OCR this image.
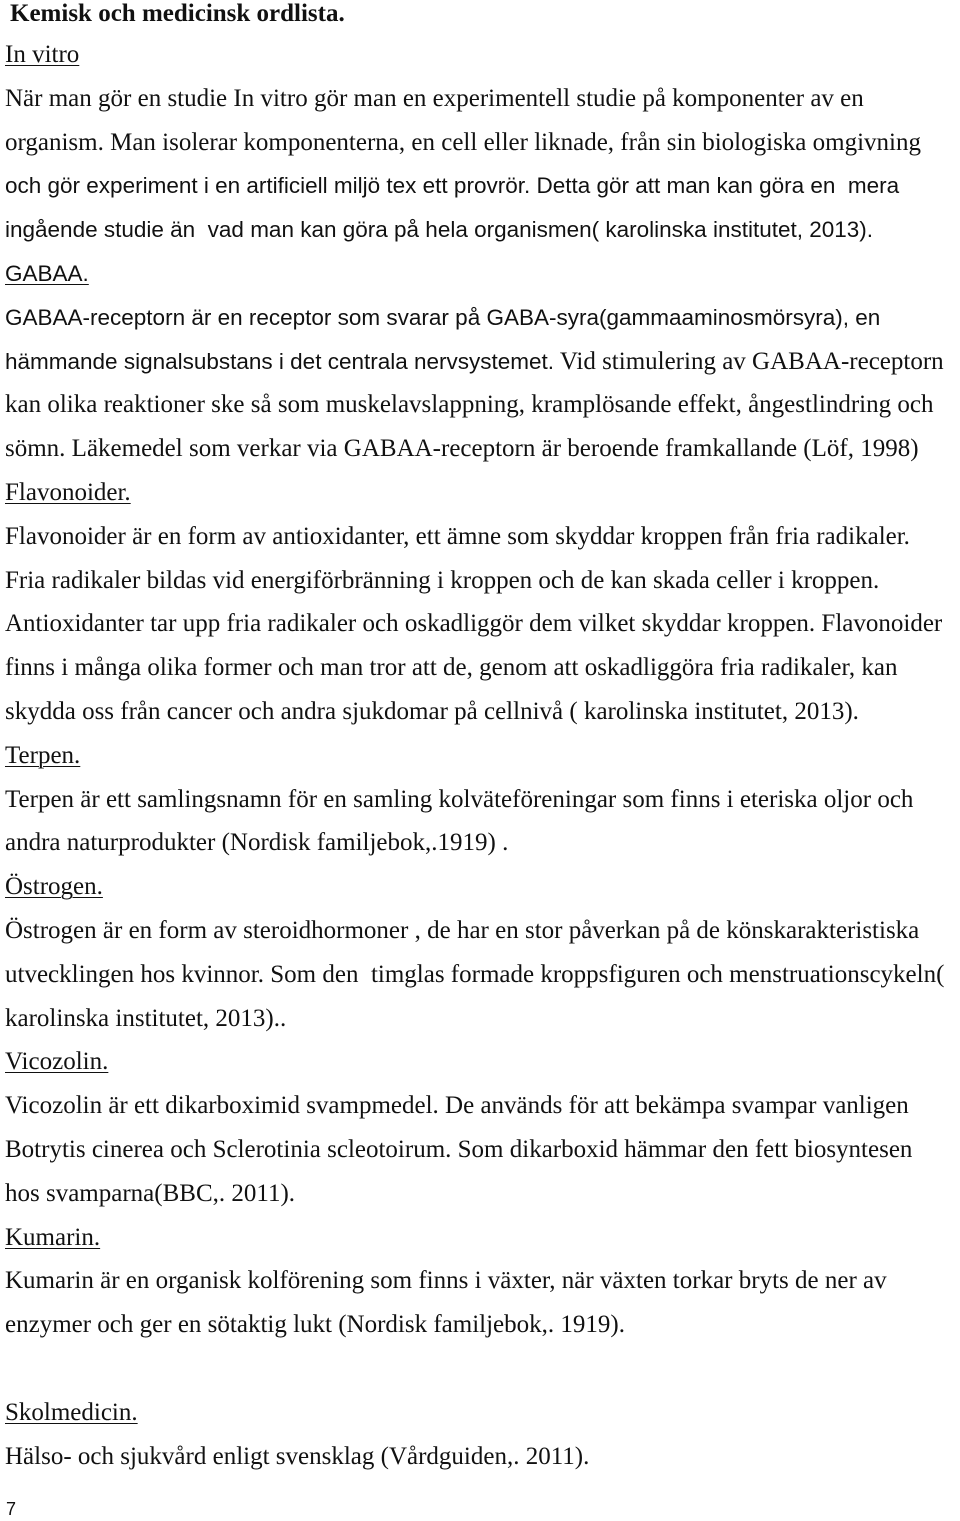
Kemisk och medicinsk ordlista.
In vitro
När man gör en studie In vitro gör man en experimentell studie på komponenter av en
organism. Man isolerar komponenterna, en cell eller liknade, från sin biologiska omgivning
och gör experiment i en artificiell miljö tex ett provrör. Detta gör att man kan göra en  mera
ingående studie än  vad man kan göra på hela organismen( karolinska institutet, 2013).
GABAA.
GABAA-receptorn är en receptor som svarar på GABA-syra(gammaaminosmörsyra), en
hämmande signalsubstans i det centrala nervsystemet. Vid stimulering av GABAA-receptorn
kan olika reaktioner ske så som muskelavslappning, kramplösande effekt, ångestlindring och
sömn. Läkemedel som verkar via GABAA-receptorn är beroende framkallande (Löf, 1998)
Flavonoider.
Flavonoider är en form av antioxidanter, ett ämne som skyddar kroppen från fria radikaler.
Fria radikaler bildas vid energiförbränning i kroppen och de kan skada celler i kroppen.
Antioxidanter tar upp fria radikaler och oskadliggör dem vilket skyddar kroppen. Flavonoider
finns i många olika former och man tror att de, genom att oskadliggöra fria radikaler, kan
skydda oss från cancer och andra sjukdomar på cellnivå ( karolinska institutet, 2013).
Terpen.
Terpen är ett samlingsnamn för en samling kolväteföreningar som finns i eteriska oljor och
andra naturprodukter (Nordisk familjebok,.1919) .
Östrogen.
Östrogen är en form av steroidhormoner , de har en stor påverkan på de könskarakteristiska
utvecklingen hos kvinnor. Som den  timglas formade kroppsfiguren och menstruationscykeln(
karolinska institutet, 2013)..
Vicozolin.
Vicozolin är ett dikarboximid svampmedel. De används för att bekämpa svampar vanligen
Botrytis cinerea och Sclerotinia scleotoirum. Som dikarboxid hämmar den fett biosyntesen
hos svamparna(BBC,. 2011).
Kumarin.
Kumarin är en organisk kolförening som finns i växter, när växten torkar bryts de ner av
enzymer och ger en sötaktig lukt (Nordisk familjebok,. 1919).
Skolmedicin.
Hälso- och sjukvård enligt svensklag (Vårdguiden,. 2011).
7
